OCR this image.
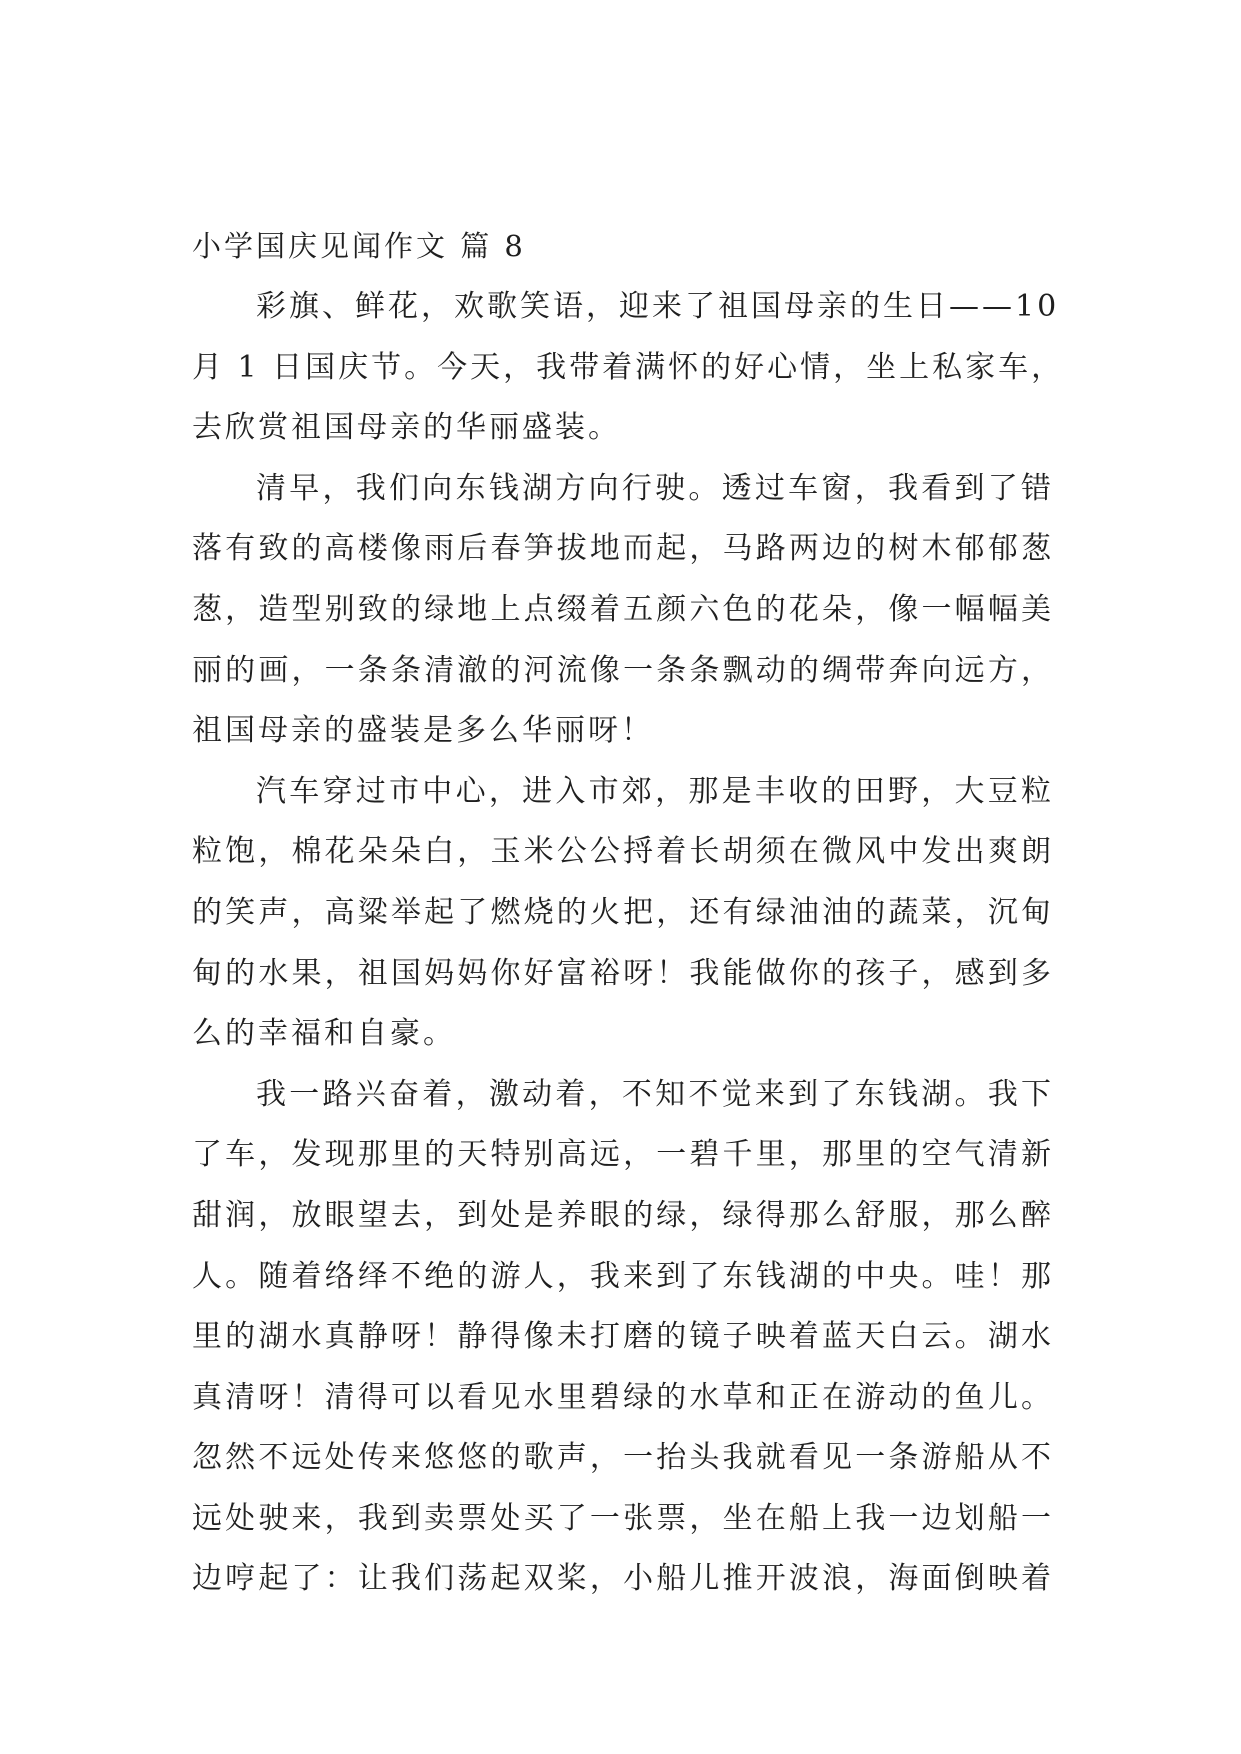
小学国庆见闻作文 篇 8

彩旗、鲜花，欢歌笑语，迎来了祖国母亲的生日——10

月 1 日国庆节。今天，我带着满怀的好心情，坐上私家车，

去欣赏祖国母亲的华丽盛装。

清早，我们向东钱湖方向行驶。透过车窗，我看到了错

落有致的高楼像雨后春笋拔地而起，马路两边的树木郁郁葱

葱，造型别致的绿地上点缀着五颜六色的花朵，像一幅幅美

丽的画，一条条清澈的河流像一条条飘动的绸带奔向远方，

祖国母亲的盛装是多么华丽呀！

汽车穿过市中心，进入市郊，那是丰收的田野，大豆粒

粒饱，棉花朵朵白，玉米公公捋着长胡须在微风中发出爽朗

的笑声，高粱举起了燃烧的火把，还有绿油油的蔬菜，沉甸

甸的水果，祖国妈妈你好富裕呀！我能做你的孩子，感到多

么的幸福和自豪。

我一路兴奋着，激动着，不知不觉来到了东钱湖。我下

了车，发现那里的天特别高远，一碧千里，那里的空气清新

甜润，放眼望去，到处是养眼的绿，绿得那么舒服，那么醉

人。随着络绎不绝的游人，我来到了东钱湖的中央。哇！那

里的湖水真静呀！静得像未打磨的镜子映着蓝天白云。湖水

真清呀！清得可以看见水里碧绿的水草和正在游动的鱼儿。

忽然不远处传来悠悠的歌声，一抬头我就看见一条游船从不

远处驶来，我到卖票处买了一张票，坐在船上我一边划船一

边哼起了：让我们荡起双桨，小船儿推开波浪，海面倒映着
